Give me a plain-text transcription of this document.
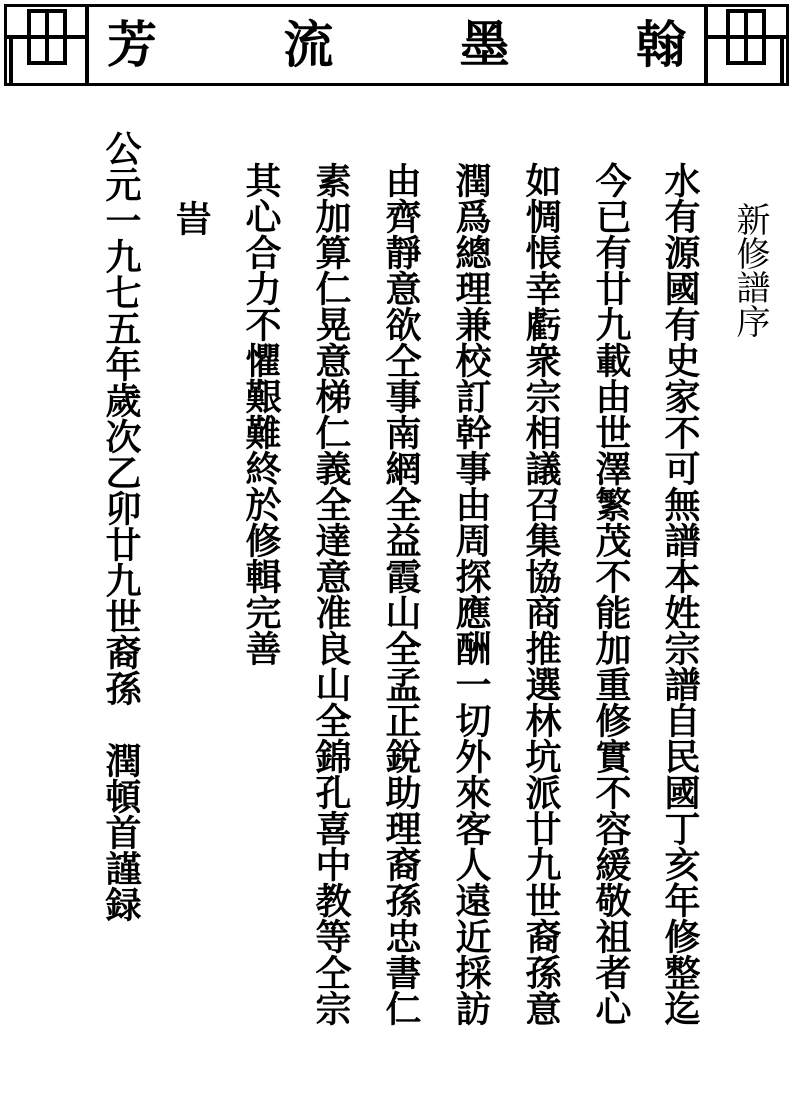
芳	流	墨	翰
新修譜序
水有源國有史家不可無譜本姓宗譜自民國丁亥年修整迄
今已有廿九載由世澤繁茂不能加重修實不容緩敬祖者心
如惆悵幸虧衆宗相議召集協商推選林坑派廿九世裔孫意
潤爲總理兼校訂幹事由周探應酬一切外來客人遠近採訪
由齊靜意欲仝事南網全益霞山全孟正銳助理裔孫忠書仁
素加算仁晃意梯仁義全達意准良山全錦孔喜中教等仝宗
其心合力不懼艱難終於修輯完善
旹
公元一九七五年歲次乙卯廿九世裔孫　潤頓首謹録
